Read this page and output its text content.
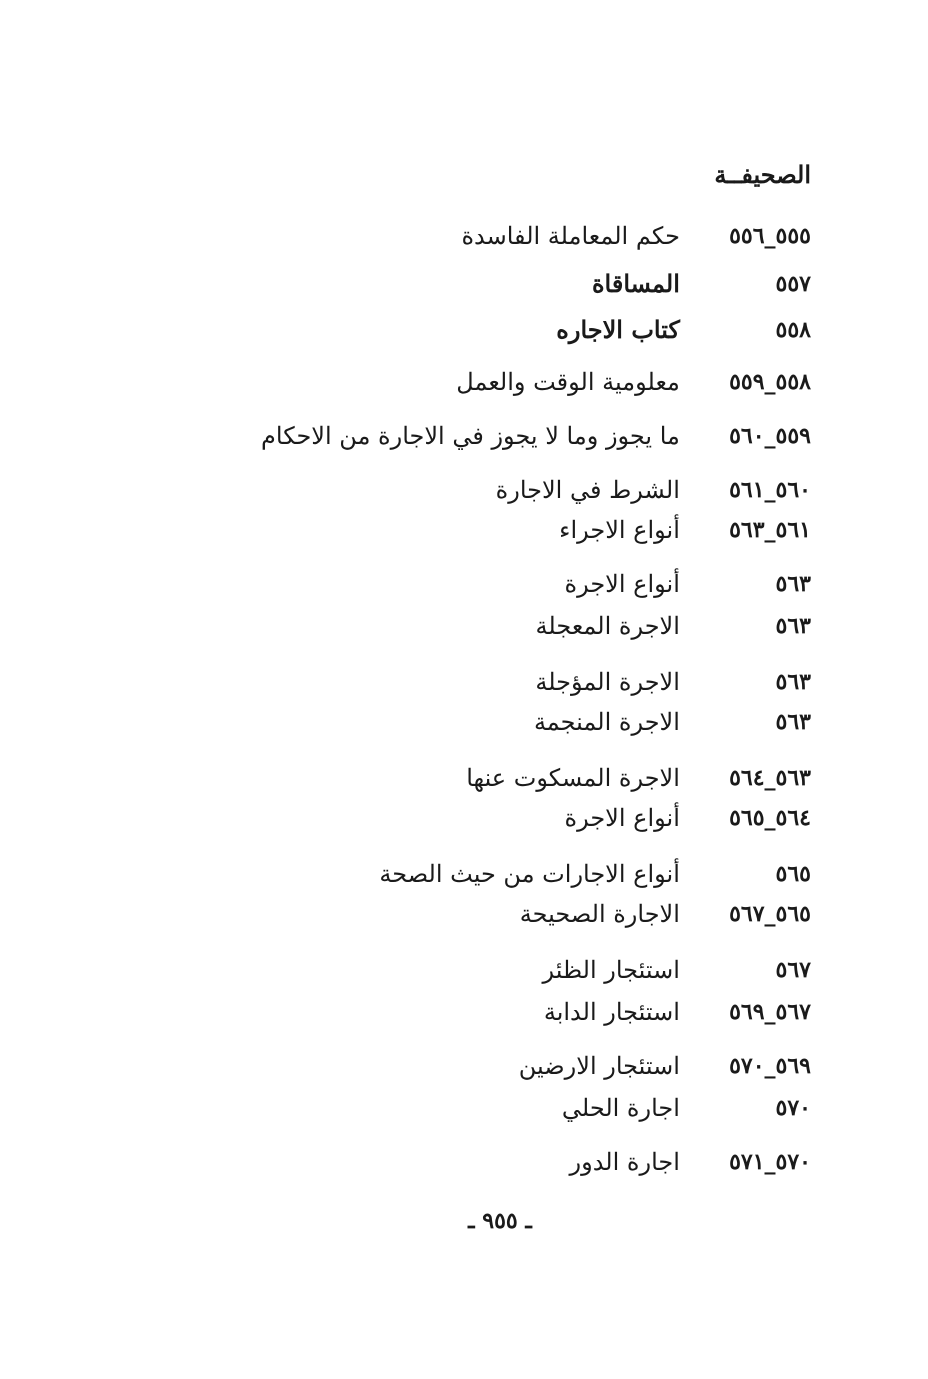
الصحيفــة
٥٥٥_٥٥٦ حكم المعاملة الفاسدة
٥٥٧ المساقاة
٥٥٨ كتاب الاجاره
٥٥٨_٥٥٩ معلومية الوقت والعمل
٥٥٩_٥٦٠ ما يجوز وما لا يجوز في الاجارة من الاحكام
٥٦٠_٥٦١ الشرط في الاجارة
٥٦١_٥٦٣ أنواع الاجراء
٥٦٣ أنواع الاجرة
٥٦٣ الاجرة المعجلة
٥٦٣ الاجرة المؤجلة
٥٦٣ الاجرة المنجمة
٥٦٣_٥٦٤ الاجرة المسكوت عنها
٥٦٤_٥٦٥ أنواع الاجرة
٥٦٥ أنواع الاجارات من حيث الصحة
٥٦٥_٥٦٧ الاجارة الصحيحة
٥٦٧ استئجار الظئر
٥٦٧_٥٦٩ استئجار الدابة
٥٦٩_٥٧٠ استئجار الارضين
٥٧٠ اجارة الحلي
٥٧٠_٥٧١ اجارة الدور
ـ ٩٥٥ ـ
